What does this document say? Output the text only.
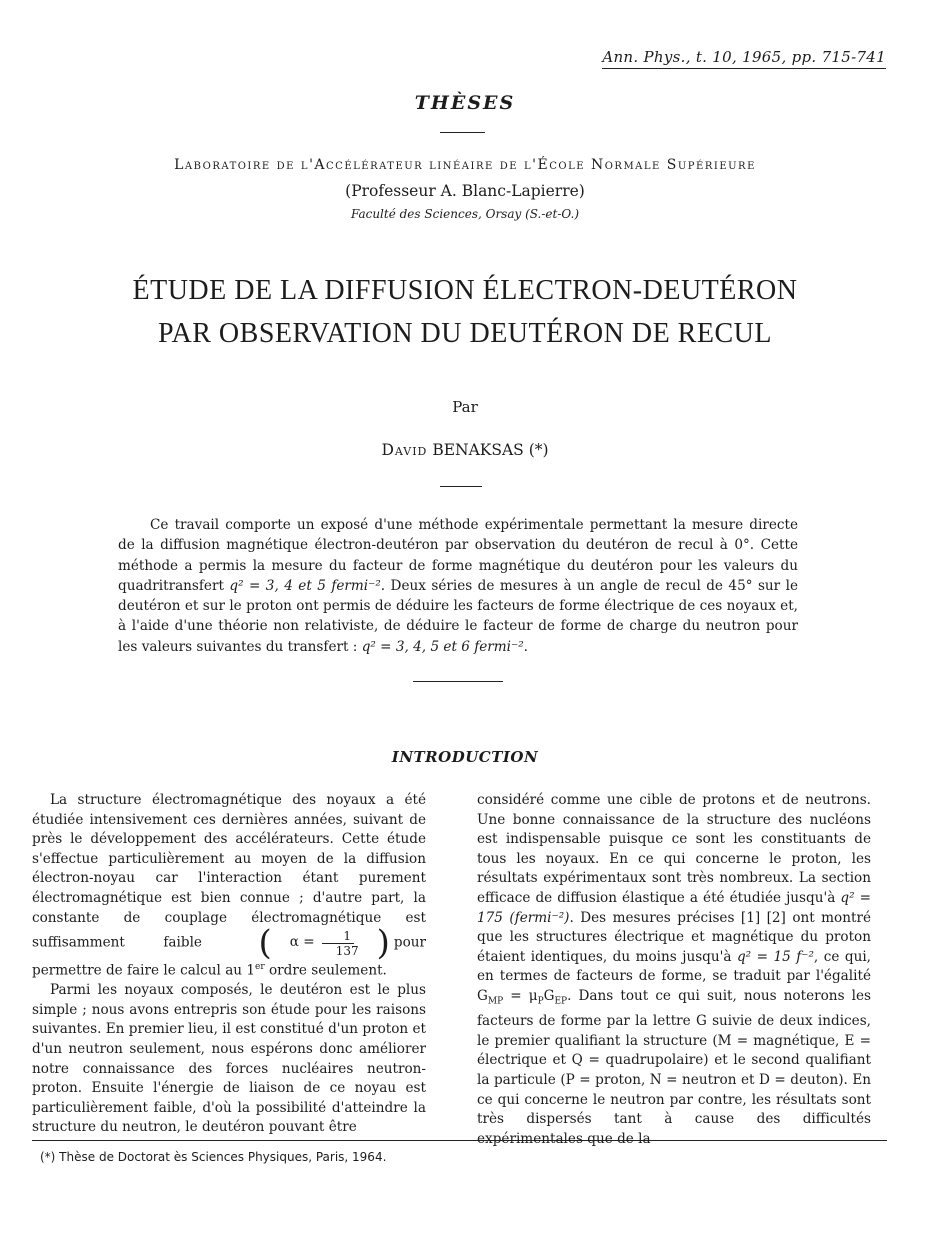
Ann. Phys., t. 10, 1965, pp. 715-741
THÈSES
Laboratoire de l'Accélérateur linéaire de l'École Normale Supérieure
(Professeur A. Blanc-Lapierre)
Faculté des Sciences, Orsay (S.-et-O.)
ÉTUDE DE LA DIFFUSION ÉLECTRON-DEUTÉRON
PAR OBSERVATION DU DEUTÉRON DE RECUL
Par
David BENAKSAS (*)
Ce travail comporte un exposé d'une méthode expérimentale permettant la mesure directe de la diffusion magnétique électron-deutéron par observation du deutéron de recul à 0°. Cette méthode a permis la mesure du facteur de forme magnétique du deutéron pour les valeurs du quadritransfert q² = 3, 4 et 5 fermi⁻². Deux séries de mesures à un angle de recul de 45° sur le deutéron et sur le proton ont permis de déduire les facteurs de forme électrique de ces noyaux et, à l'aide d'une théorie non relativiste, de déduire le facteur de forme de charge du neutron pour les valeurs suivantes du transfert : q² = 3, 4, 5 et 6 fermi⁻².
INTRODUCTION

La structure électromagnétique des noyaux a été étudiée intensivement ces dernières années, suivant de près le développement des accélérateurs. Cette étude s'effectue particulièrement au moyen de la diffusion électron-noyau car l'interaction étant purement électromagnétique est bien connue ; d'autre part, la constante de couplage électromagnétique est suffisamment faible	(	$\alpha = \frac{1}{137}$ ) pour permettre de faire le calcul au 1er ordre seulement.

Parmi les noyaux composés, le deutéron est le plus simple ; nous avons entrepris son étude pour les raisons suivantes. En premier lieu, il est constitué d'un proton et d'un neutron seulement, nous espérons donc améliorer notre connaissance des forces nucléaires neutron-proton. Ensuite l'énergie de liaison de ce noyau est particulièrement faible, d'où la possibilité d'atteindre la structure du neutron, le deutéron pouvant être

considéré comme une cible de protons et de neutrons. Une bonne connaissance de la structure des nucléons est indispensable puisque ce sont les constituants de tous les noyaux. En ce qui concerne le proton, les résultats expérimentaux sont très nombreux. La section efficace de diffusion élastique a été étudiée jusqu'à q² = 175 (fermi⁻²). Des mesures précises [1] [2] ont montré que les structures électrique et magnétique du proton étaient identiques, du moins jusqu'à q² = 15 f⁻², ce qui, en termes de facteurs de forme, se traduit par l'égalité $G_{MP} = \mu_PG_{EP}$. Dans tout ce qui suit, nous noterons les facteurs de forme par la lettre G suivie de deux indices, le premier qualifiant la structure (M = magnétique, E = électrique et Q = quadrupolaire) et le second qualifiant la particule (P = proton, N = neutron et D = deuton). En ce qui concerne le neutron par contre, les résultats sont très dispersés tant à cause des difficultés expérimentales que de la

(*) Thèse de Doctorat ès Sciences Physiques, Paris, 1964.
